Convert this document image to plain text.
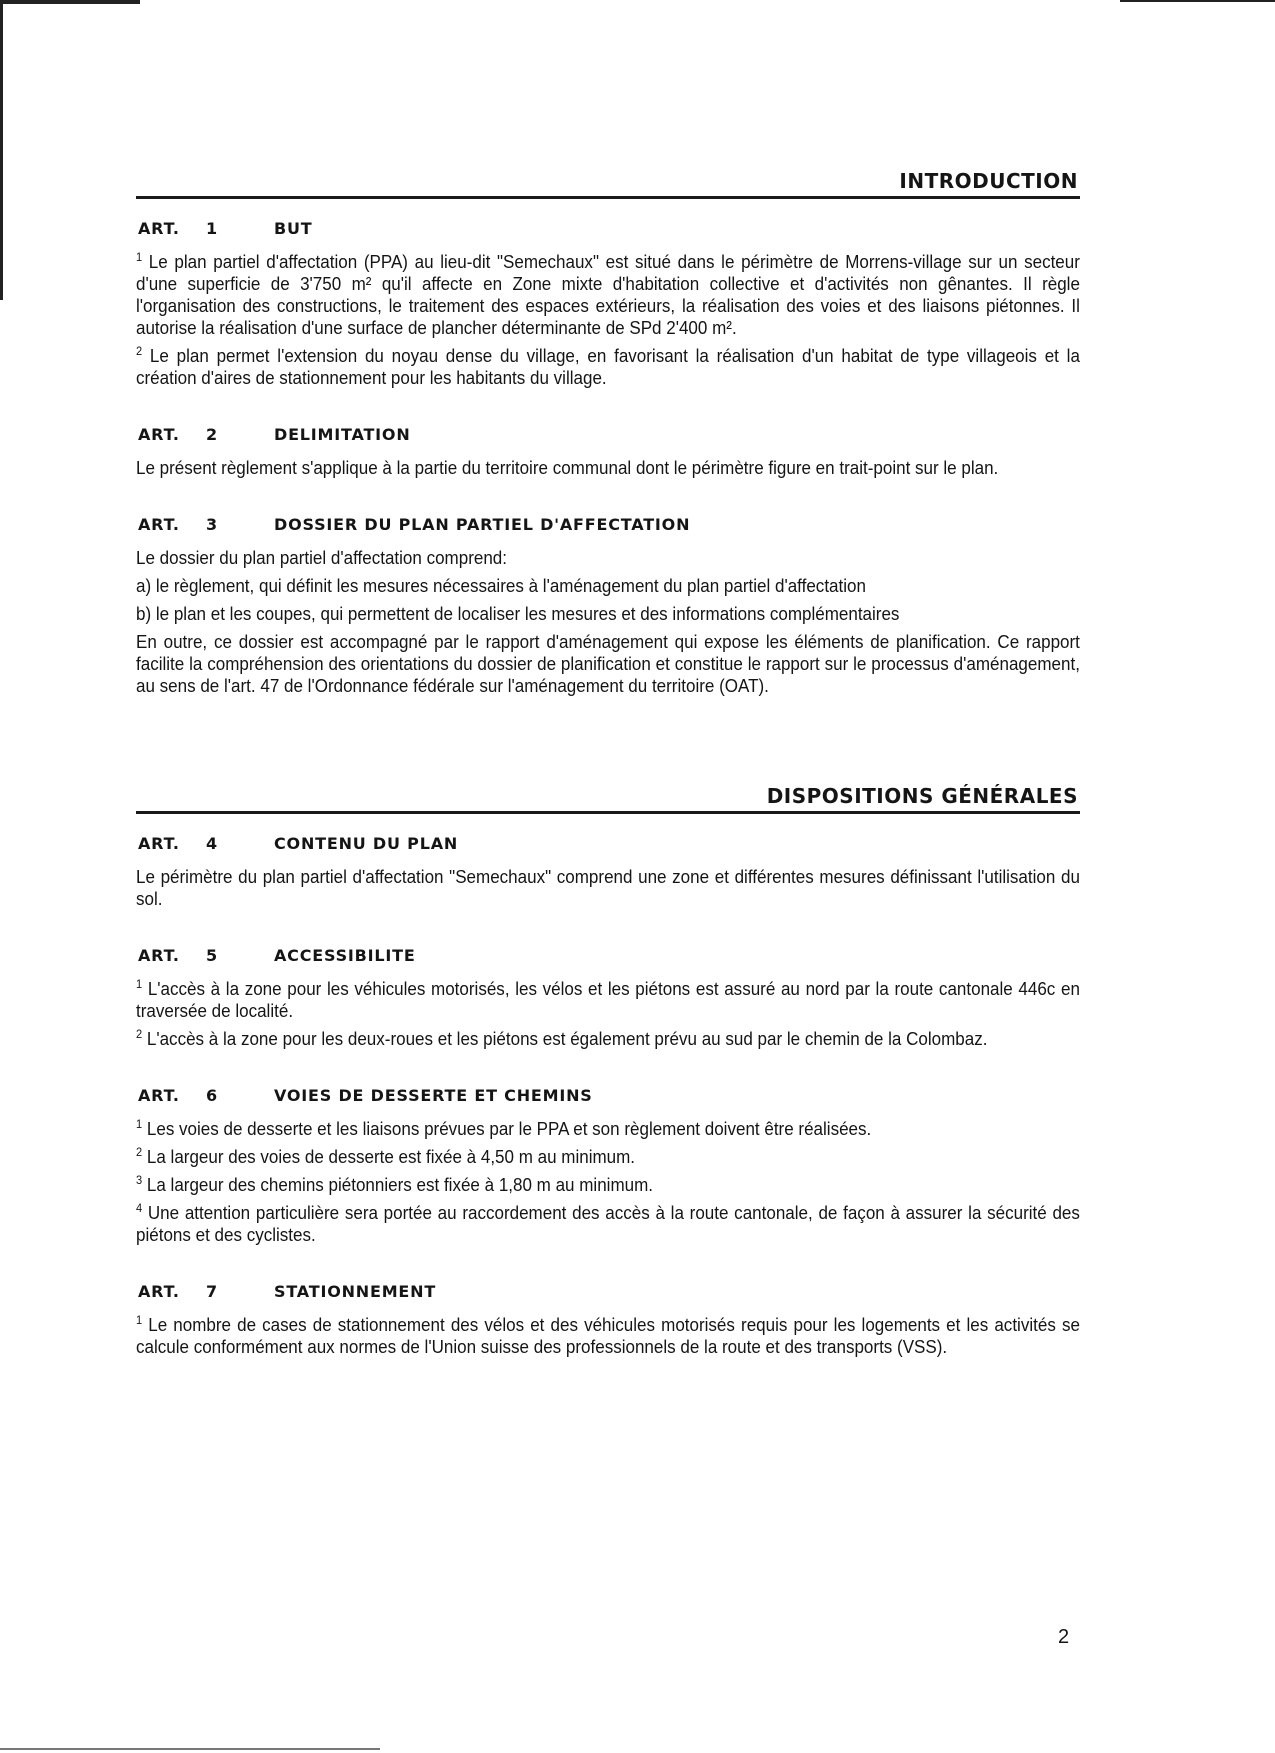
INTRODUCTION
ART. 1	BUT

$^1$ Le plan partiel d'affectation (PPA) au lieu-dit "Semechaux" est situé dans le périmètre de Morrens-village sur un secteur d'une superficie de 3'750 m² qu'il affecte en Zone mixte d'habitation collective et d'activités non gênantes. Il règle l'organisation des constructions, le traitement des espaces extérieurs, la réalisation des voies et des liaisons piétonnes. Il autorise la réalisation d'une surface de plancher déterminante de SPd 2'400 m².

$^2$ Le plan permet l'extension du noyau dense du village, en favorisant la réalisation d'un habitat de type villageois et la création d'aires de stationnement pour les habitants du village.

ART. 2	DELIMITATION

Le présent règlement s'applique à la partie du territoire communal dont le périmètre figure en trait-point sur le plan.

ART. 3	DOSSIER DU PLAN PARTIEL D'AFFECTATION

Le dossier du plan partiel d'affectation comprend:

a) le règlement, qui définit les mesures nécessaires à l'aménagement du plan partiel d'affectation

b) le plan et les coupes, qui permettent de localiser les mesures et des informations complémentaires

En outre, ce dossier est accompagné par le rapport d'aménagement qui expose les éléments de planification. Ce rapport facilite la compréhension des orientations du dossier de planification et constitue le rapport sur le processus d'aménagement, au sens de l'art. 47 de l'Ordonnance fédérale sur l'aménagement du territoire (OAT).

DISPOSITIONS GÉNÉRALES
ART. 4	CONTENU DU PLAN

Le périmètre du plan partiel d'affectation "Semechaux" comprend une zone et différentes mesures définissant l'utilisation du sol.

ART. 5	ACCESSIBILITE

$^1$ L'accès à la zone pour les véhicules motorisés, les vélos et les piétons est assuré au nord par la route cantonale 446c en traversée de localité.

$^2$ L'accès à la zone pour les deux-roues et les piétons est également prévu au sud par le chemin de la Colombaz.

ART. 6	VOIES DE DESSERTE ET CHEMINS

$^1$ Les voies de desserte et les liaisons prévues par le PPA et son règlement doivent être réalisées.

$^2$ La largeur des voies de desserte est fixée à 4,50 m au minimum.

$^3$ La largeur des chemins piétonniers est fixée à 1,80 m au minimum.

$^4$ Une attention particulière sera portée au raccordement des accès à la route cantonale, de façon à assurer la sécurité des piétons et des cyclistes.

ART. 7	STATIONNEMENT

$^1$ Le nombre de cases de stationnement des vélos et des véhicules motorisés requis pour les logements et les activités se calcule conformément aux normes de l'Union suisse des professionnels de la route et des transports (VSS).

2
